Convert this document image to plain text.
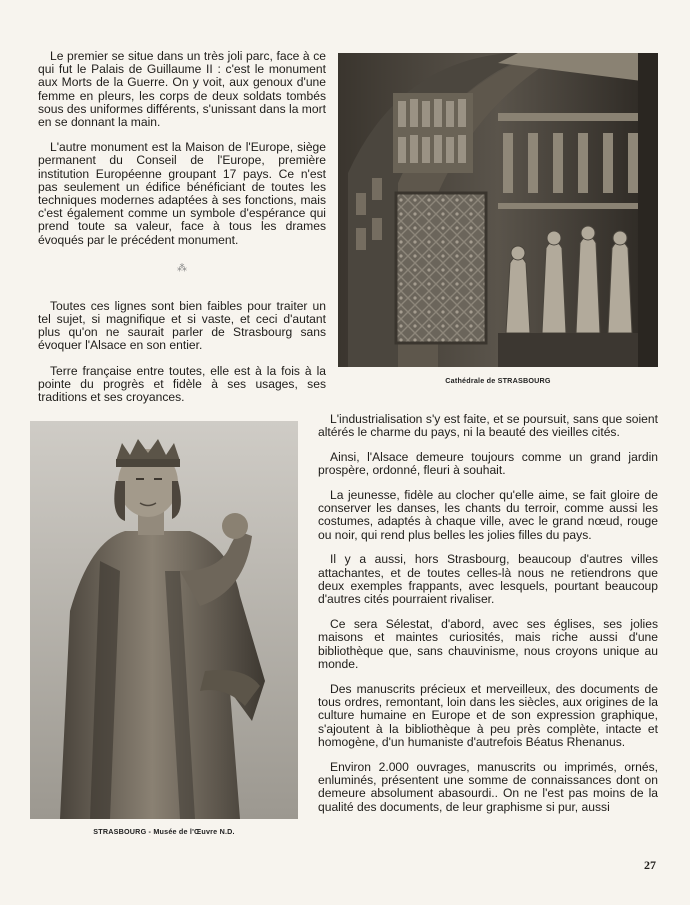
Le premier se situe dans un très joli parc, face à ce qui fut le Palais de Guillaume II : c'est le monument aux Morts de la Guerre. On y voit, aux genoux d'une femme en pleurs, les corps de deux soldats tombés sous des uniformes différents, s'unissant dans la mort en se donnant la main.

L'autre monument est la Maison de l'Europe, siège permanent du Conseil de l'Europe, première institution Européenne groupant 17 pays. Ce n'est pas seulement un édifice bénéficiant de toutes les techniques modernes adaptées à ses fonctions, mais c'est également comme un symbole d'espérance qui prend toute sa valeur, face à tous les drames évoqués par le précédent monument.

⁂

Toutes ces lignes sont bien faibles pour traiter un tel sujet, si magnifique et si vaste, et ceci d'autant plus qu'on ne saurait parler de Strasbourg sans évoquer l'Alsace en son entier.

Terre française entre toutes, elle est à la fois à la pointe du progrès et fidèle à ses usages, ses traditions et ses croyances.

Cathédrale de STRASBOURG
STRASBOURG - Musée de l'Œuvre N.D.

L'industrialisation s'y est faite, et se poursuit, sans que soient altérés le charme du pays, ni la beauté des vieilles cités.

Ainsi, l'Alsace demeure toujours comme un grand jardin prospère, ordonné, fleuri à souhait.

La jeunesse, fidèle au clocher qu'elle aime, se fait gloire de conserver les danses, les chants du terroir, comme aussi les costumes, adaptés à chaque ville, avec le grand nœud, rouge ou noir, qui rend plus belles les jolies filles du pays.

Il y a aussi, hors Strasbourg, beaucoup d'autres villes attachantes, et de toutes celles-là nous ne retiendrons que deux exemples frappants, avec lesquels, pourtant beaucoup d'autres cités pourraient rivaliser.

Ce sera Sélestat, d'abord, avec ses églises, ses jolies maisons et maintes curiosités, mais riche aussi d'une bibliothèque que, sans chauvinisme, nous croyons unique au monde.

Des manuscrits précieux et merveilleux, des documents de tous ordres, remontant, loin dans les siècles, aux origines de la culture humaine en Europe et de son expression graphique, s'ajoutent à la bibliothèque à peu près complète, intacte et homogène, d'un humaniste d'autrefois Béatus Rhenanus.

Environ 2.000 ouvrages, manuscrits ou imprimés, ornés, enluminés, présentent une somme de connaissances dont on demeure absolument abasourdi.. On ne l'est pas moins de la qualité des documents, de leur graphisme si pur, aussi

27
